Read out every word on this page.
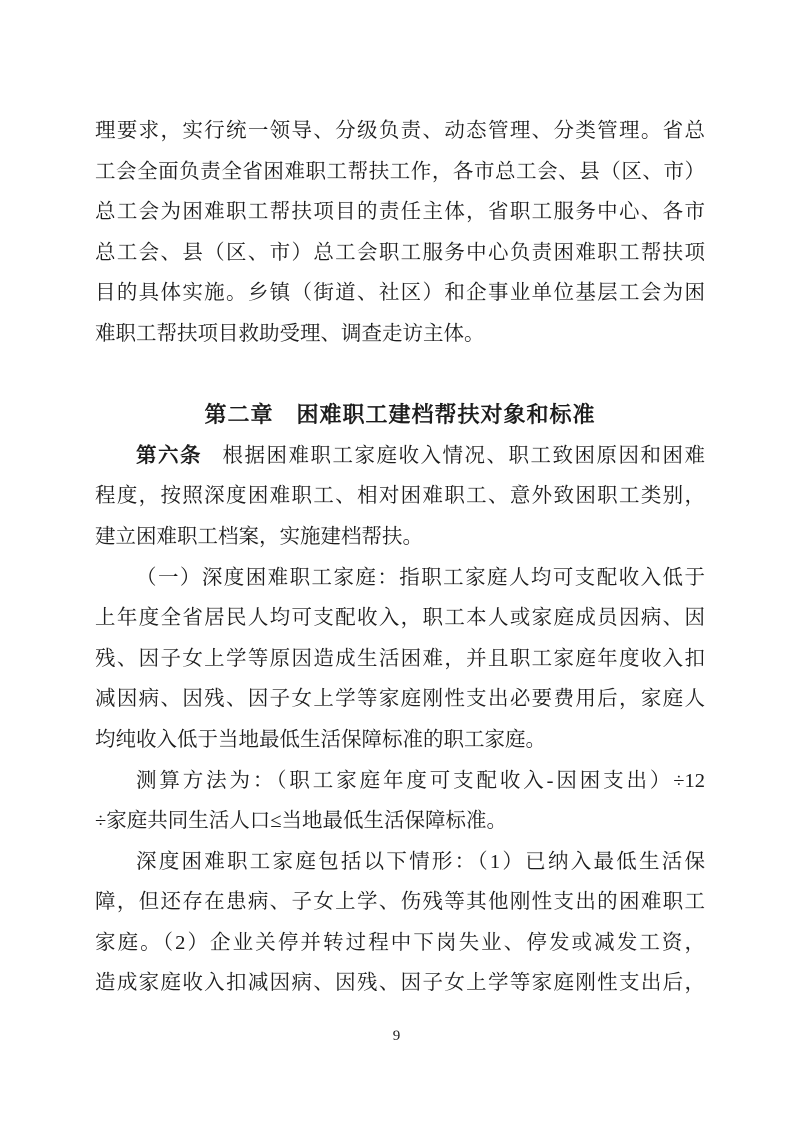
理要求，实行统一领导、分级负责、动态管理、分类管理。省总
工会全面负责全省困难职工帮扶工作，各市总工会、县（区、市）
总工会为困难职工帮扶项目的责任主体，省职工服务中心、各市
总工会、县（区、市）总工会职工服务中心负责困难职工帮扶项
目的具体实施。乡镇（街道、社区）和企事业单位基层工会为困
难职工帮扶项目救助受理、调查走访主体。
第二章　困难职工建档帮扶对象和标准
第六条 根据困难职工家庭收入情况、职工致困原因和困难
程度，按照深度困难职工、相对困难职工、意外致困职工类别，
建立困难职工档案，实施建档帮扶。
（一）深度困难职工家庭：指职工家庭人均可支配收入低于
上年度全省居民人均可支配收入，职工本人或家庭成员因病、因
残、因子女上学等原因造成生活困难，并且职工家庭年度收入扣
减因病、因残、因子女上学等家庭刚性支出必要费用后，家庭人
均纯收入低于当地最低生活保障标准的职工家庭。
测算方法为：（职工家庭年度可支配收入-因困支出）÷12
÷家庭共同生活人口≤当地最低生活保障标准。
深度困难职工家庭包括以下情形：（1）已纳入最低生活保
障，但还存在患病、子女上学、伤残等其他刚性支出的困难职工
家庭。（2）企业关停并转过程中下岗失业、停发或减发工资，
造成家庭收入扣减因病、因残、因子女上学等家庭刚性支出后，
9
